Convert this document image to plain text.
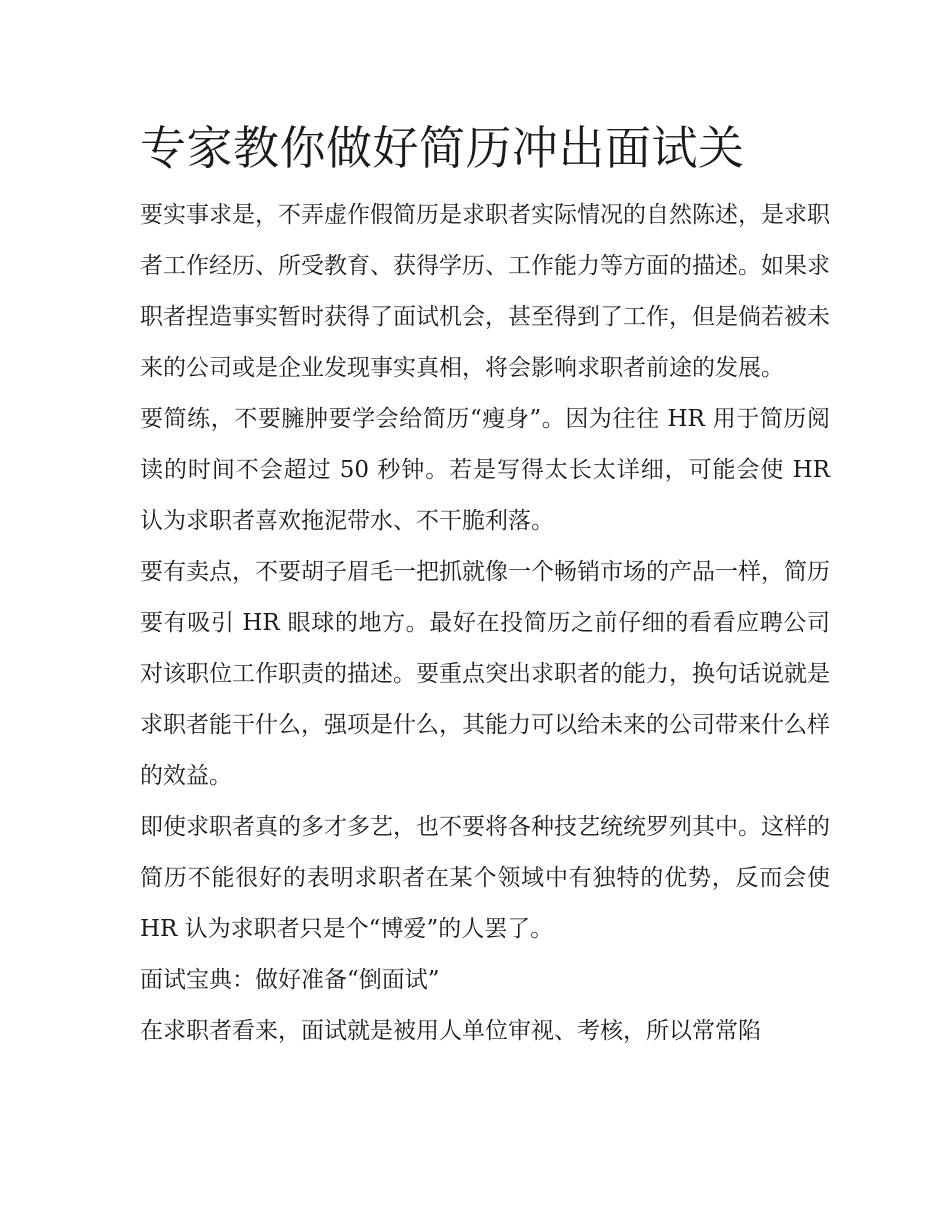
专家教你做好简历冲出面试关

要实事求是，不弄虚作假简历是求职者实际情况的自然陈述，是求职者工作经历、所受教育、获得学历、工作能力等方面的描述。如果求职者捏造事实暂时获得了面试机会，甚至得到了工作，但是倘若被未来的公司或是企业发现事实真相，将会影响求职者前途的发展。

要简练，不要臃肿要学会给简历“瘦身”。因为往往 HR 用于简历阅读的时间不会超过 50 秒钟。若是写得太长太详细，可能会使 HR 认为求职者喜欢拖泥带水、不干脆利落。

要有卖点，不要胡子眉毛一把抓就像一个畅销市场的产品一样，简历要有吸引 HR 眼球的地方。最好在投简历之前仔细的看看应聘公司对该职位工作职责的描述。要重点突出求职者的能力，换句话说就是求职者能干什么，强项是什么，其能力可以给未来的公司带来什么样的效益。

即使求职者真的多才多艺，也不要将各种技艺统统罗列其中。这样的简历不能很好的表明求职者在某个领域中有独特的优势，反而会使 HR 认为求职者只是个“博爱”的人罢了。

面试宝典：做好准备“倒面试”

在求职者看来，面试就是被用人单位审视、考核，所以常常陷
